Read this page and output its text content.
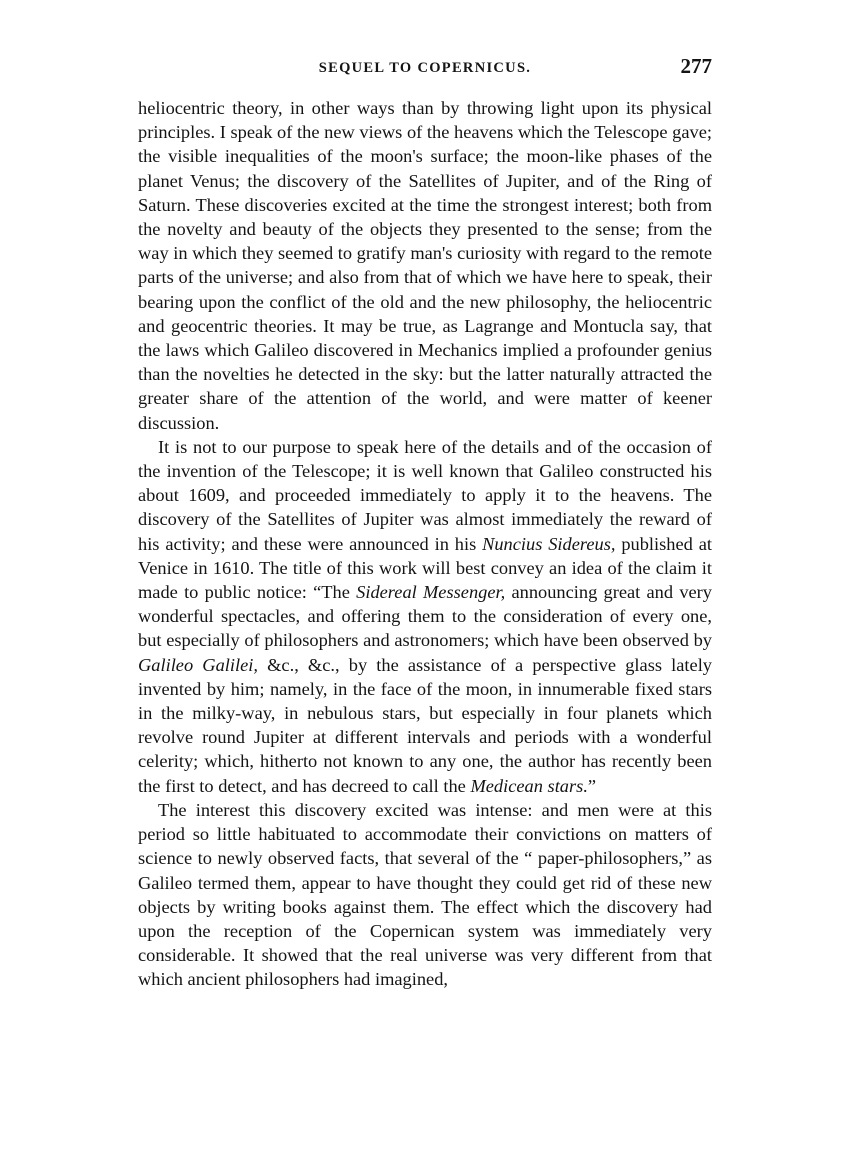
SEQUEL TO COPERNICUS.	277

heliocentric theory, in other ways than by throwing light upon its physical principles. I speak of the new views of the heavens which the Telescope gave; the visible inequalities of the moon's surface; the moon-like phases of the planet Venus; the discovery of the Satellites of Jupiter, and of the Ring of Saturn. These discoveries excited at the time the strongest interest; both from the novelty and beauty of the objects they presented to the sense; from the way in which they seemed to gratify man's curiosity with regard to the remote parts of the universe; and also from that of which we have here to speak, their bearing upon the conflict of the old and the new philosophy, the heliocentric and geocentric theories. It may be true, as Lagrange and Montucla say, that the laws which Galileo discovered in Mechanics implied a profounder genius than the novelties he detected in the sky: but the latter naturally attracted the greater share of the attention of the world, and were matter of keener discussion.

It is not to our purpose to speak here of the details and of the occasion of the invention of the Telescope; it is well known that Galileo constructed his about 1609, and proceeded immediately to apply it to the heavens. The discovery of the Satellites of Jupiter was almost immediately the reward of his activity; and these were announced in his Nuncius Sidereus, published at Venice in 1610. The title of this work will best convey an idea of the claim it made to public notice: “The Sidereal Messenger, announcing great and very wonderful spectacles, and offering them to the consideration of every one, but especially of philosophers and astronomers; which have been observed by Galileo Galilei, &c., &c., by the assistance of a perspective glass lately invented by him; namely, in the face of the moon, in innumerable fixed stars in the milky-way, in nebulous stars, but especially in four planets which revolve round Jupiter at different intervals and periods with a wonderful celerity; which, hitherto not known to any one, the author has recently been the first to detect, and has decreed to call the Medicean stars.”

The interest this discovery excited was intense: and men were at this period so little habituated to accommodate their convictions on matters of science to newly observed facts, that several of the “ paper-philosophers,” as Galileo termed them, appear to have thought they could get rid of these new objects by writing books against them. The effect which the discovery had upon the reception of the Copernican system was immediately very considerable. It showed that the real universe was very different from that which ancient philosophers had imagined,
